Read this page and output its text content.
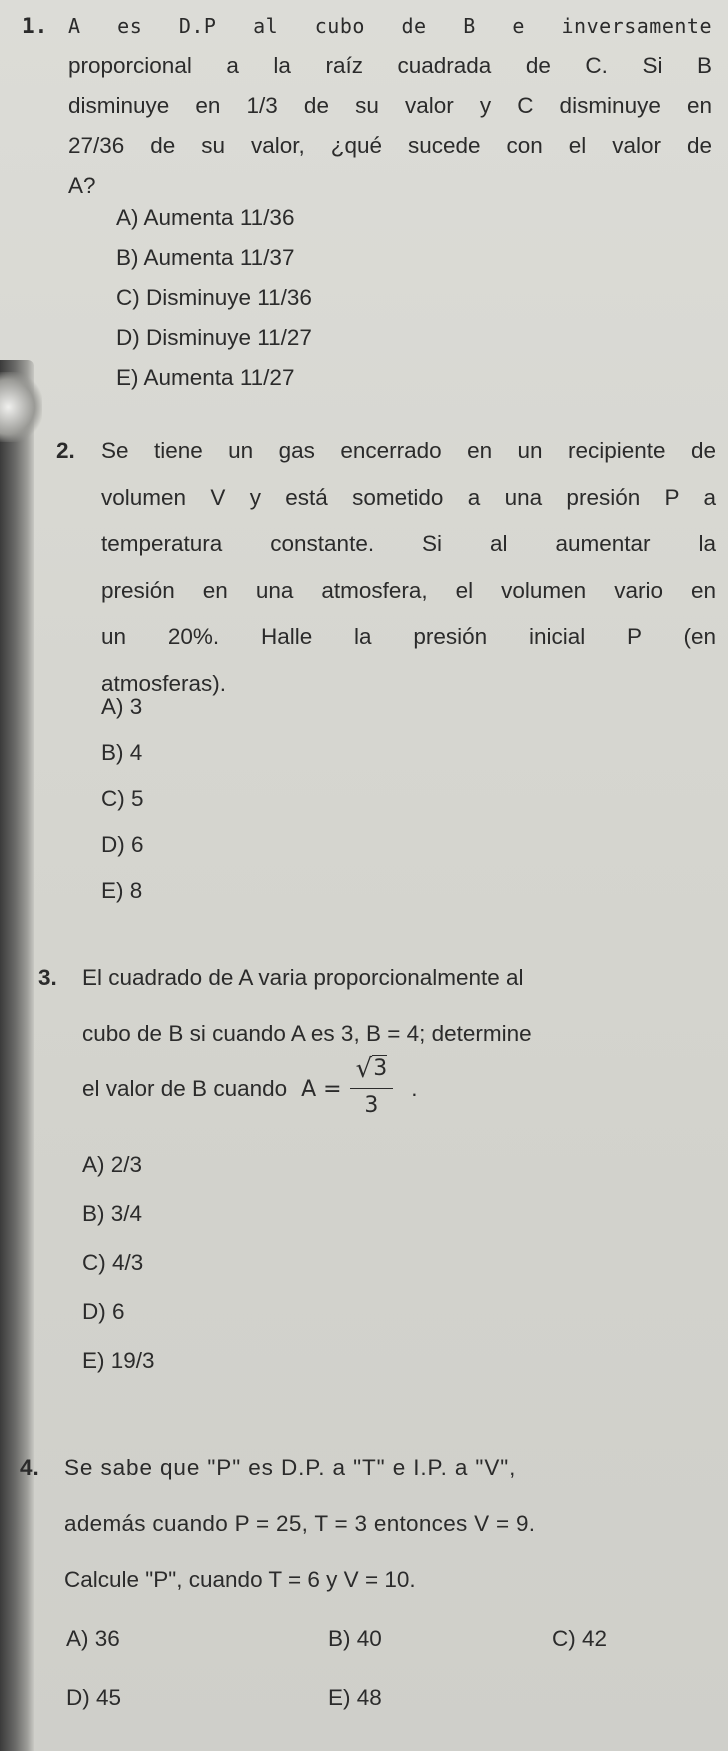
1. A es D.P al cubo de B e inversamente
proporcional a la raíz cuadrada de C. Si B
disminuye en 1/3 de su valor y C disminuye en
27/36 de su valor, ¿qué sucede con el valor de
A?
A) Aumenta 11/36
B) Aumenta 11/37
C) Disminuye 11/36
D) Disminuye 11/27
E) Aumenta 11/27
2. Se tiene un gas encerrado en un recipiente de
volumen V y está sometido a una presión P a
temperatura constante. Si al aumentar la
presión en una atmosfera, el volumen vario en
un 20%. Halle la presión inicial P (en
atmosferas).
A) 3
B) 4
C) 5
D) 6
E) 8
3. El cuadrado de A varia proporcionalmente al
cubo de B si cuando A es 3, B = 4; determine
el valor de B cuando $A = \frac{√ 3}{3}$ .
A) 2/3
B) 3/4
C) 4/3
D) 6
E) 19/3
4. Se sabe que "P" es D.P. a "T" e I.P. a "V",
además cuando P = 25, T = 3 entonces V = 9.
Calcule "P", cuando T = 6 y V = 10.
A) 36	B) 40	C) 42
D) 45	E) 48
